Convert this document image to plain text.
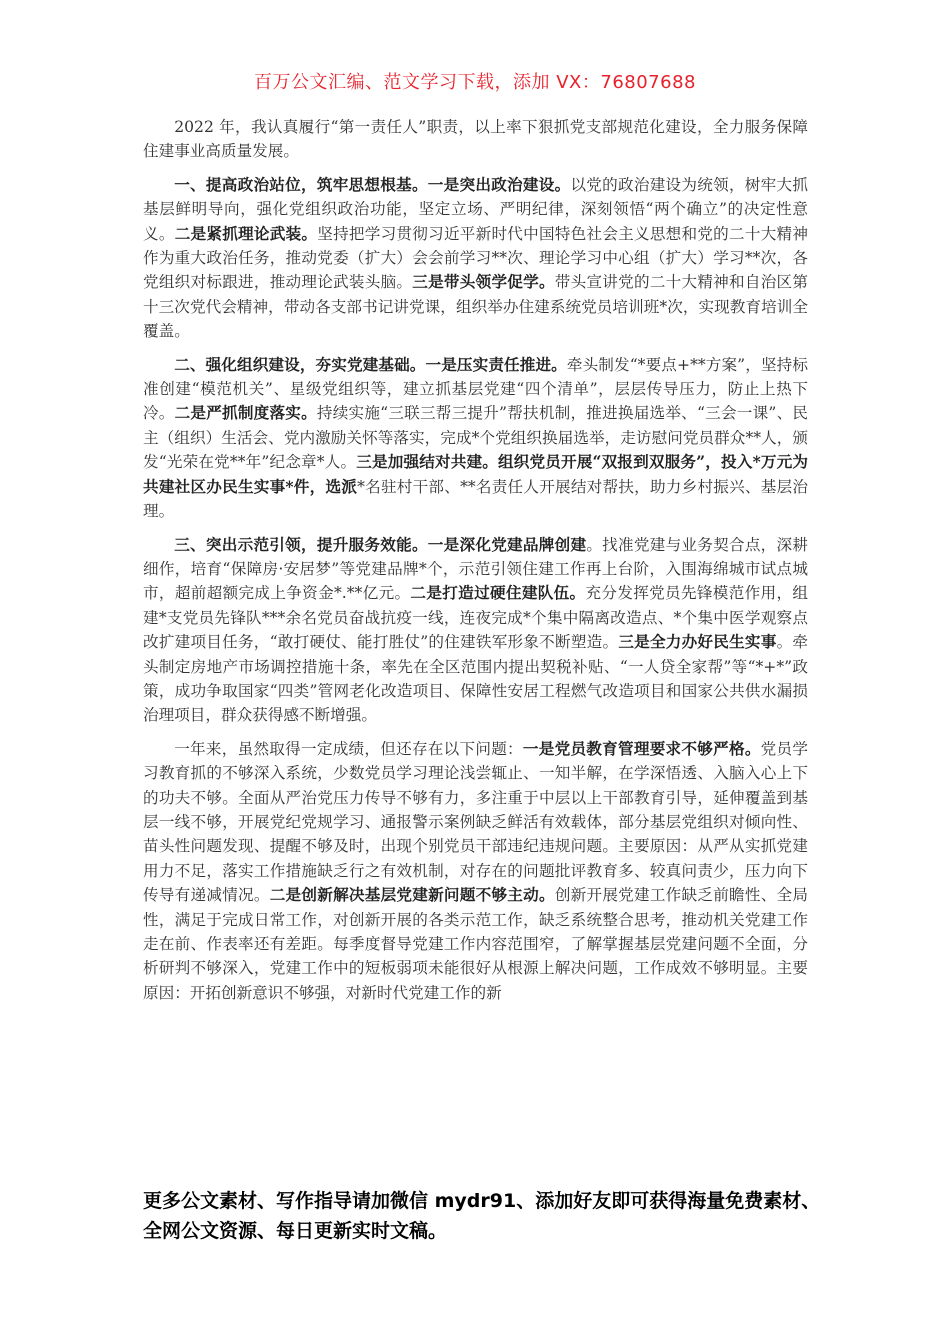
百万公文汇编、范文学习下载，添加 VX：76807688

2022 年，我认真履行“第一责任人”职责，以上率下狠抓党支部规范化建设，全力服务保障住建事业高质量发展。

一、提高政治站位，筑牢思想根基。一是突出政治建设。以党的政治建设为统领，树牢大抓基层鲜明导向，强化党组织政治功能，坚定立场、严明纪律，深刻领悟“两个确立”的决定性意义。二是紧抓理论武装。坚持把学习贯彻习近平新时代中国特色社会主义思想和党的二十大精神作为重大政治任务，推动党委（扩大）会会前学习**次、理论学习中心组（扩大）学习**次，各党组织对标跟进，推动理论武装头脑。三是带头领学促学。带头宣讲党的二十大精神和自治区第十三次党代会精神，带动各支部书记讲党课，组织举办住建系统党员培训班*次，实现教育培训全覆盖。

二、强化组织建设，夯实党建基础。一是压实责任推进。牵头制发“*要点+**方案”，坚持标准创建“模范机关”、星级党组织等，建立抓基层党建“四个清单”，层层传导压力，防止上热下冷。二是严抓制度落实。持续实施“三联三帮三提升”帮扶机制，推进换届选举、“三会一课”、民主（组织）生活会、党内激励关怀等落实，完成*个党组织换届选举，走访慰问党员群众**人，颁发“光荣在党**年”纪念章*人。三是加强结对共建。组织党员开展“双报到双服务”，投入*万元为共建社区办民生实事*件，选派*名驻村干部、**名责任人开展结对帮扶，助力乡村振兴、基层治理。

三、突出示范引领，提升服务效能。一是深化党建品牌创建。找准党建与业务契合点，深耕细作，培育“保障房·安居梦”等党建品牌*个，示范引领住建工作再上台阶，入围海绵城市试点城市，超前超额完成上争资金*.**亿元。二是打造过硬住建队伍。充分发挥党员先锋模范作用，组建*支党员先锋队***余名党员奋战抗疫一线，连夜完成*个集中隔离改造点、*个集中医学观察点改扩建项目任务，“敢打硬仗、能打胜仗”的住建铁军形象不断塑造。三是全力办好民生实事。牵头制定房地产市场调控措施十条，率先在全区范围内提出契税补贴、“一人贷全家帮”等“*+*”政策，成功争取国家“四类”管网老化改造项目、保障性安居工程燃气改造项目和国家公共供水漏损治理项目，群众获得感不断增强。

一年来，虽然取得一定成绩，但还存在以下问题：一是党员教育管理要求不够严格。党员学习教育抓的不够深入系统，少数党员学习理论浅尝辄止、一知半解，在学深悟透、入脑入心上下的功夫不够。全面从严治党压力传导不够有力，多注重于中层以上干部教育引导，延伸覆盖到基层一线不够，开展党纪党规学习、通报警示案例缺乏鲜活有效载体，部分基层党组织对倾向性、苗头性问题发现、提醒不够及时，出现个别党员干部违纪违规问题。主要原因：从严从实抓党建用力不足，落实工作措施缺乏行之有效机制，对存在的问题批评教育多、较真问责少，压力向下传导有递减情况。二是创新解决基层党建新问题不够主动。创新开展党建工作缺乏前瞻性、全局性，满足于完成日常工作，对创新开展的各类示范工作，缺乏系统整合思考，推动机关党建工作走在前、作表率还有差距。每季度督导党建工作内容范围窄，了解掌握基层党建问题不全面，分析研判不够深入，党建工作中的短板弱项未能很好从根源上解决问题，工作成效不够明显。主要原因：开拓创新意识不够强，对新时代党建工作的新

更多公文素材、写作指导请加微信 mydr91、添加好友即可获得海量免费素材、全网公文资源、每日更新实时文稿。
